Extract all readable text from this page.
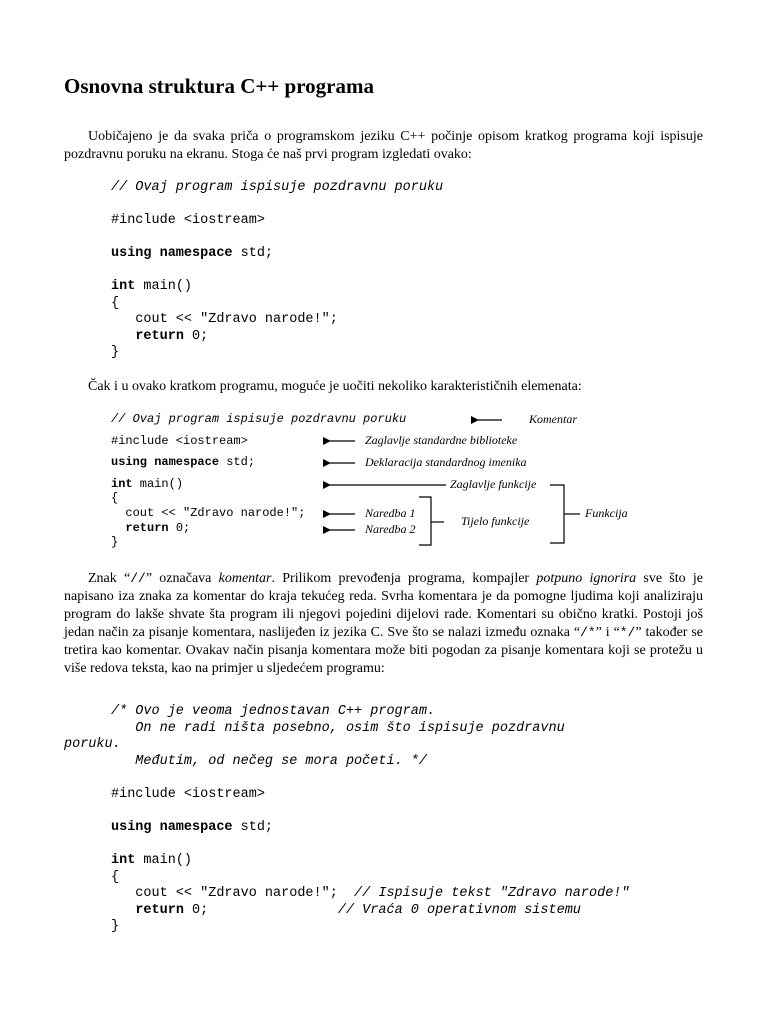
Osnovna struktura C++ programa
Uobičajeno je da svaka priča o programskom jeziku C++ počinje opisom kratkog programa koji ispisuje pozdravnu poruku na ekranu. Stoga će naš prvi program izgledati ovako:
// Ovaj program ispisuje pozdravnu poruku

#include <iostream>

using namespace std;

int main()
{
cout << "Zdravo narode!";
return 0;
}
Čak i u ovako kratkom programu, moguće je uočiti nekoliko karakterističnih elemenata:
// Ovaj program ispisuje pozdravnu poruku
#include <iostream>
using namespace std;
int main()
{
cout << "Zdravo narode!";
return 0;
}
Komentar
Zaglavlje standardne biblioteke
Deklaracija standardnog imenika
Zaglavlje funkcije
Naredba 1
Naredba 2
Tijelo funkcije
Funkcija
Znak “//” označava komentar. Prilikom prevođenja programa, kompajler potpuno ignorira sve što je napisano iza znaka za komentar do kraja tekućeg reda. Svrha komentara je da pomogne ljudima koji analiziraju program do lakše shvate šta program ili njegovi pojedini dijelovi rade. Komentari su obično kratki. Postoji još jedan način za pisanje komentara, naslijeđen iz jezika C. Sve što se nalazi između oznaka “/*” i “*/” također se tretira kao komentar. Ovakav način pisanja komentara može biti pogodan za pisanje komentara koji se protežu u više redova teksta, kao na primjer u sljedećem programu:
/* Ovo je veoma jednostavan C++ program.
On ne radi ništa posebno, osim što ispisuje pozdravnu
poruku.
Međutim, od nečeg se mora početi. */
#include <iostream>

using namespace std;

int main()
{
cout << "Zdravo narode!";  // Ispisuje tekst "Zdravo narode!"
return 0;                // Vraća 0 operativnom sistemu
}
